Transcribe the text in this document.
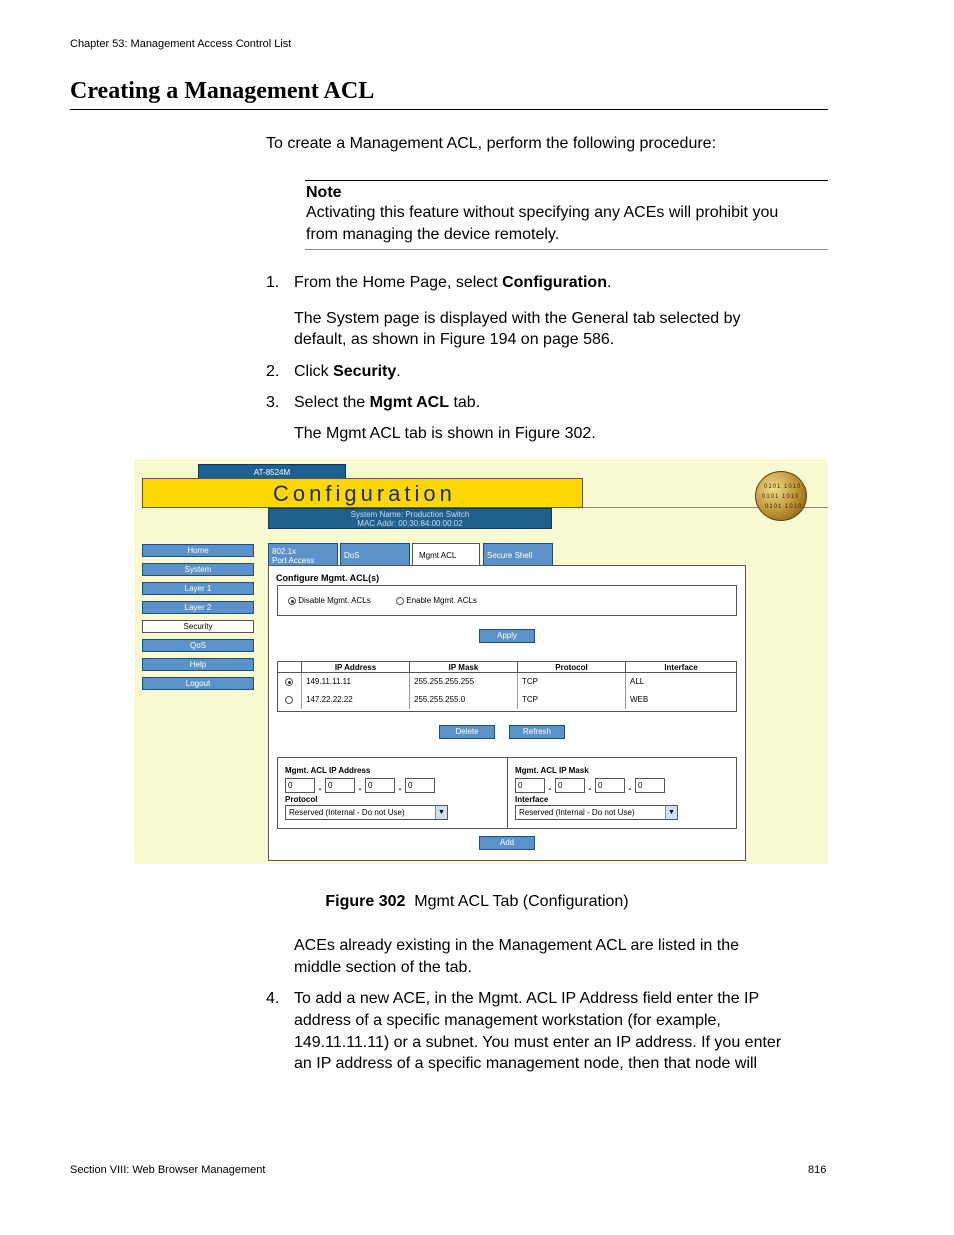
Chapter 53: Management Access Control List
Creating a Management ACL
To create a Management ACL, perform the following procedure:
Note
Activating this feature without specifying any ACEs will prohibit you
from managing the device remotely.
1. From the Home Page, select Configuration.
The System page is displayed with the General tab selected by
default, as shown in Figure 194 on page 586.
2. Click Security.
3. Select the Mgmt ACL tab.
The Mgmt ACL tab is shown in Figure 302.
AT-8524M
Configuration
System Name: Production Switch
MAC Addr: 00:30:84:00:00:02
0101 1010
0101 1010
0101 1010
Home
System
Layer 1
Layer 2
Security
QoS
Help
Logout
802.1x
Port Access
DoS	Mgmt ACL	Secure Shell
Configure Mgmt. ACL(s)
Disable Mgmt. ACLs	Enable Mgmt. ACLs
Apply
	IP Address	IP Mask	Protocol	Interface
	149.11.11.11	255.255.255.255	TCP	ALL
	147.22.22.22	255.255.255.0	TCP	WEB
Delete	Refresh
Mgmt. ACL IP Address
0	. 0	. 0	. 0
Protocol
Reserved (Internal - Do not Use)	▼
Mgmt. ACL IP Mask
0	. 0	. 0	. 0
Interface
Reserved (Internal - Do not Use)	▼
Add
Figure 302  Mgmt ACL Tab (Configuration)
ACEs already existing in the Management ACL are listed in the
middle section of the tab.
4. To add a new ACE, in the Mgmt. ACL IP Address field enter the IP
address of a specific management workstation (for example,
149.11.11.11) or a subnet. You must enter an IP address. If you enter
an IP address of a specific management node, then that node will
Section VIII: Web Browser Management	816
